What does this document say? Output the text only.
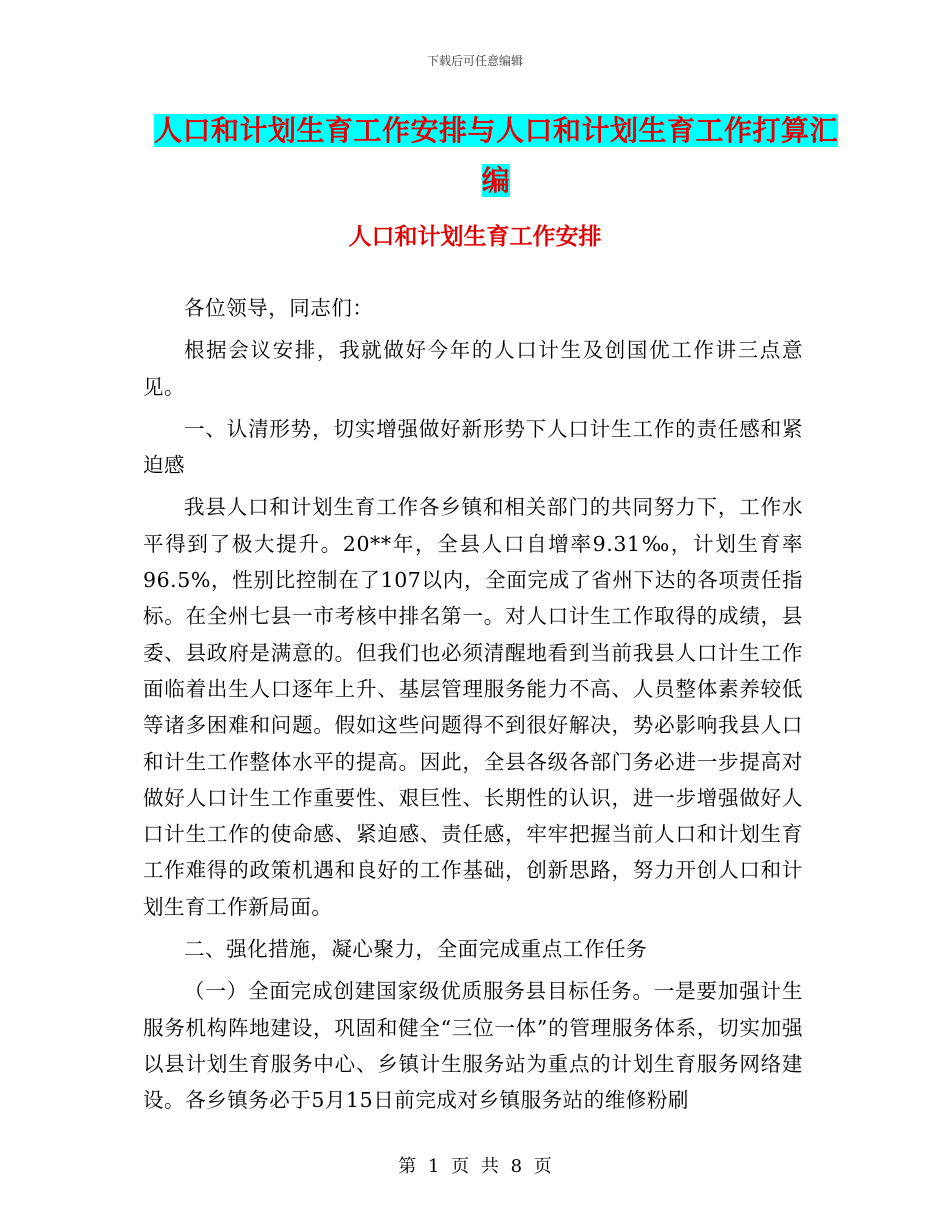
下载后可任意编辑
人口和计划生育工作安排与人口和计划生育工作打算汇编
人口和计划生育工作安排

各位领导，同志们：

根据会议安排，我就做好今年的人口计生及创国优工作讲三点意见。

一、认清形势，切实增强做好新形势下人口计生工作的责任感和紧迫感

我县人口和计划生育工作各乡镇和相关部门的共同努力下，工作水平得到了极大提升。20**年，全县人口自增率9.31‰，计划生育率96.5%，性别比控制在了107以内，全面完成了省州下达的各项责任指标。在全州七县一市考核中排名第一。对人口计生工作取得的成绩，县委、县政府是满意的。但我们也必须清醒地看到当前我县人口计生工作面临着出生人口逐年上升、基层管理服务能力不高、人员整体素养较低等诸多困难和问题。假如这些问题得不到很好解决，势必影响我县人口和计生工作整体水平的提高。因此，全县各级各部门务必进一步提高对做好人口计生工作重要性、艰巨性、长期性的认识，进一步增强做好人口计生工作的使命感、紧迫感、责任感，牢牢把握当前人口和计划生育工作难得的政策机遇和良好的工作基础，创新思路，努力开创人口和计划生育工作新局面。

二、强化措施，凝心聚力，全面完成重点工作任务

（一）全面完成创建国家级优质服务县目标任务。一是要加强计生服务机构阵地建设，巩固和健全“三位一体”的管理服务体系，切实加强以县计划生育服务中心、乡镇计生服务站为重点的计划生育服务网络建设。各乡镇务必于5月15日前完成对乡镇服务站的维修粉刷

第 1 页 共 8 页
